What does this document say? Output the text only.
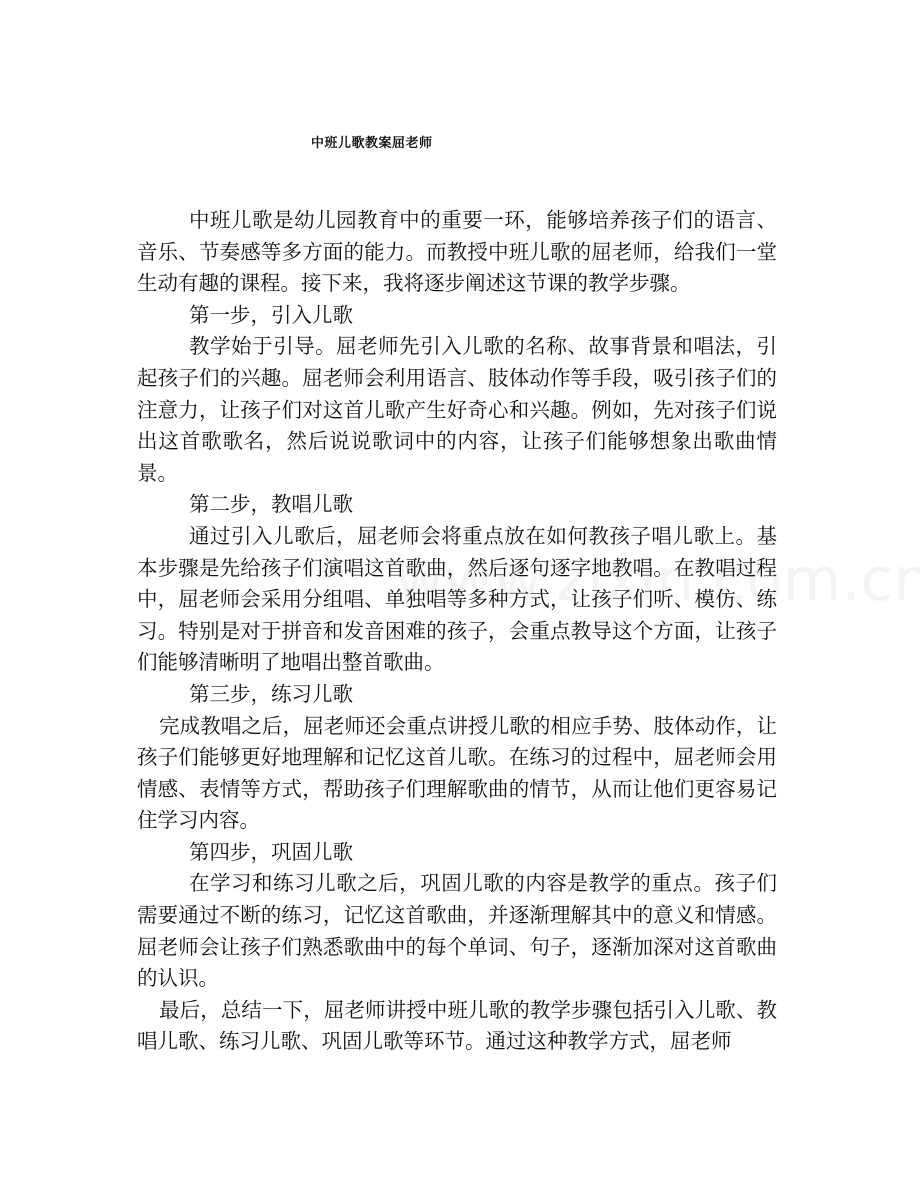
中班儿歌教案屈老师

中班儿歌是幼儿园教育中的重要一环，能够培养孩子们的语言、音乐、节奏感等多方面的能力。而教授中班儿歌的屈老师，给我们一堂生动有趣的课程。接下来，我将逐步阐述这节课的教学步骤。

第一步，引入儿歌

教学始于引导。屈老师先引入儿歌的名称、故事背景和唱法，引起孩子们的兴趣。屈老师会利用语言、肢体动作等手段，吸引孩子们的注意力，让孩子们对这首儿歌产生好奇心和兴趣。例如，先对孩子们说出这首歌歌名，然后说说歌词中的内容，让孩子们能够想象出歌曲情景。

第二步，教唱儿歌

通过引入儿歌后，屈老师会将重点放在如何教孩子唱儿歌上。基本步骤是先给孩子们演唱这首歌曲，然后逐句逐字地教唱。在教唱过程中，屈老师会采用分组唱、单独唱等多种方式，让孩子们听、模仿、练习。特别是对于拼音和发音困难的孩子，会重点教导这个方面，让孩子们能够清晰明了地唱出整首歌曲。

第三步，练习儿歌

完成教唱之后，屈老师还会重点讲授儿歌的相应手势、肢体动作，让孩子们能够更好地理解和记忆这首儿歌。在练习的过程中，屈老师会用情感、表情等方式，帮助孩子们理解歌曲的情节，从而让他们更容易记住学习内容。

第四步，巩固儿歌

在学习和练习儿歌之后，巩固儿歌的内容是教学的重点。孩子们需要通过不断的练习，记忆这首歌曲，并逐渐理解其中的意义和情感。屈老师会让孩子们熟悉歌曲中的每个单词、句子，逐渐加深对这首歌曲的认识。

最后，总结一下，屈老师讲授中班儿歌的教学步骤包括引入儿歌、教唱儿歌、练习儿歌、巩固儿歌等环节。通过这种教学方式，屈老师
